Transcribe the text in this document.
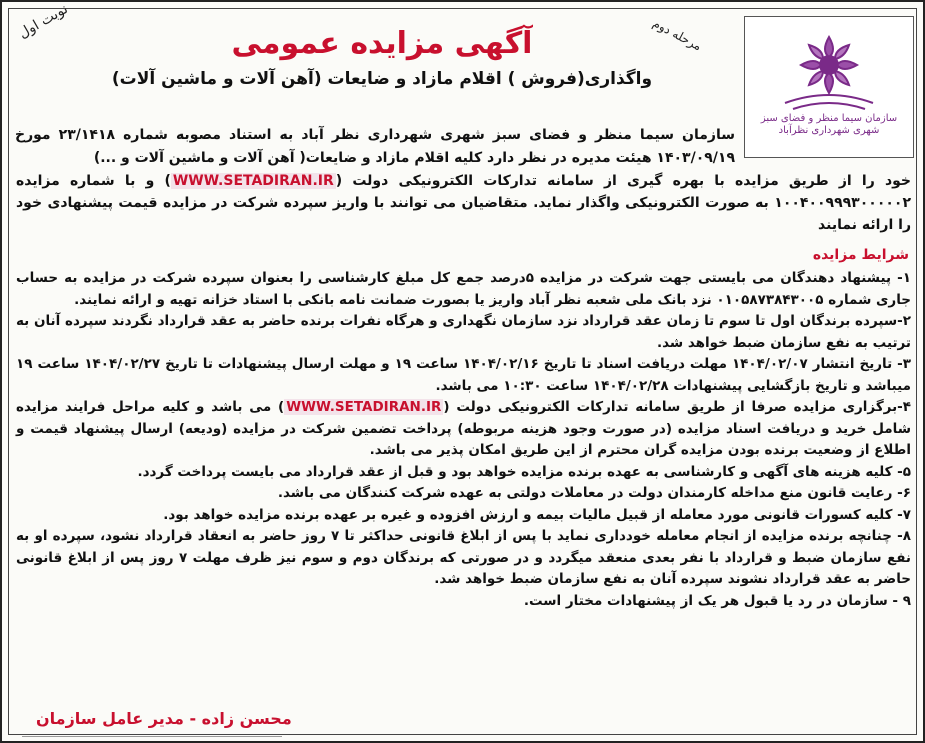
سازمان سیما منظر و فضای سبز شهری شهرداری نظرآباد
مرحله دوم
نوبت اول
آگهی مزایده عمومی
واگذاری(فروش ) اقلام مازاد و ضایعات (آهن آلات و ماشین آلات)
سازمان سیما منظر و فضای سبز شهری شهرداری نظر آباد به استناد مصوبه شماره ۲۳/۱۴۱۸ مورخ ۱۴۰۳/۰۹/۱۹ هیئت مدیره در نظر دارد کلیه اقلام مازاد و ضایعات( آهن آلات و ماشین آلات و ...)
خود را از طریق مزایده با بهره گیری از سامانه تدارکات الکترونیکی دولت (WWW.SETADIRAN.IR) و با شماره مزایده ۱۰۰۴۰۰۹۹۹۳۰۰۰۰۰۲ به صورت الکترونیکی واگذار نماید. متقاضیان می توانند با واریز سپرده شرکت در مزایده قیمت پیشنهادی خود را ارائه نمایند
شرایط مزایده

۱- پیشنهاد دهندگان می بایستی جهت شرکت در مزایده ۵درصد جمع کل مبلغ کارشناسی را بعنوان سپرده شرکت در مزایده به حساب جاری شماره ۰۱۰۵۸۷۳۸۴۳۰۰۵ نزد بانک ملی شعبه نظر آباد واریز یا بصورت ضمانت نامه بانکی با استاد خزانه تهیه و ارائه نمایند.

۲-سپرده برندگان اول تا سوم تا زمان عقد قرارداد نزد سازمان نگهداری و هرگاه نفرات برنده حاضر به عقد قرارداد نگردند سپرده آنان به ترتیب به نفع سازمان ضبط خواهد شد.

۳- تاریخ انتشار ۱۴۰۴/۰۲/۰۷ مهلت دریافت اسناد تا تاریخ ۱۴۰۴/۰۲/۱۶ ساعت ۱۹ و مهلت ارسال پیشنهادات تا تاریخ ۱۴۰۴/۰۲/۲۷ ساعت ۱۹ میباشد و تاریخ بازگشایی پیشنهادات ۱۴۰۴/۰۲/۲۸ ساعت ۱۰:۳۰ می باشد.

۴-برگزاری مزایده صرفا از طریق سامانه تدارکات الکترونیکی دولت (WWW.SETADIRAN.IR) می باشد و کلیه مراحل فرایند مزایده شامل خرید و دریافت اسناد مزایده (در صورت وجود هزینه مربوطه) پرداخت تضمین شرکت در مزایده (ودیعه) ارسال پیشنهاد قیمت و اطلاع از وضعیت برنده بودن مزایده گران محترم از این طریق امکان پذیر می باشد.

۵- کلیه هزینه های آگهی و کارشناسی به عهده برنده مزایده خواهد بود و قبل از عقد قرارداد می بایست پرداخت گردد.

۶- رعایت قانون منع مداخله کارمندان دولت در معاملات دولتی به عهده شرکت کنندگان می باشد.

۷- کلیه کسورات قانونی مورد معامله از قبیل مالیات بیمه و ارزش افزوده و غیره بر عهده برنده مزایده خواهد بود.

۸- چنانچه برنده مزایده از انجام معامله خودداری نماید با پس از ابلاغ قانونی حداکثر تا ۷ روز حاضر به انعقاد قرارداد نشود، سپرده او به نفع سازمان ضبط و قرارداد با نفر بعدی منعقد میگردد و در صورتی که برندگان دوم و سوم نیز ظرف مهلت ۷ روز پس از ابلاغ قانونی حاضر به عقد قرارداد نشوند سپرده آنان به نفع سازمان ضبط خواهد شد.

۹ - سازمان در رد یا قبول هر یک از پیشنهادات مختار است.

محسن زاده - مدیر عامل سازمان
